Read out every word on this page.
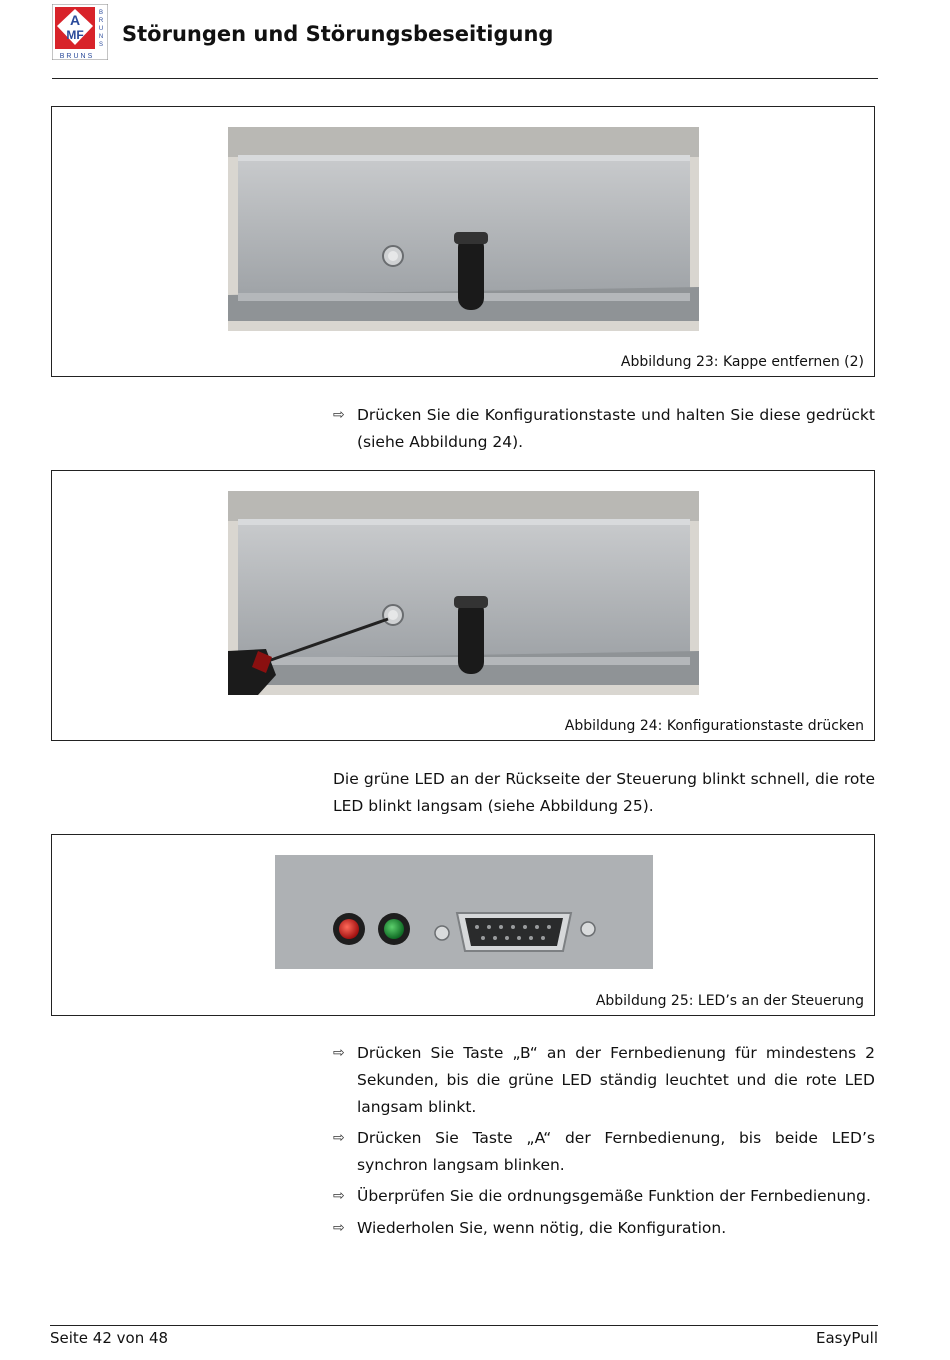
A
MF
B
R
U
N
S
BRUNS
Störungen und Störungsbeseitigung
Abbildung 23: Kappe entfernen (2)
⇨ Drücken Sie die Konfigurationstaste und halten Sie diese gedrückt (siehe Abbildung 24).
Abbildung 24: Konfigurationstaste drücken
Die grüne LED an der Rückseite der Steuerung blinkt schnell, die rote LED blinkt langsam (siehe Abbildung 25).
Abbildung 25: LED’s an der Steuerung
⇨ Drücken Sie Taste „B“ an der Fernbedienung für mindestens 2 Sekunden, bis die grüne LED ständig leuchtet und die rote LED langsam blinkt.
⇨ Drücken Sie Taste „A“ der Fernbedienung, bis beide LED’s synchron langsam blinken.
⇨ Überprüfen Sie die ordnungsgemäße Funktion der Fernbedienung.
⇨ Wiederholen Sie, wenn nötig, die Konfiguration.
Seite 42 von 48	EasyPull
